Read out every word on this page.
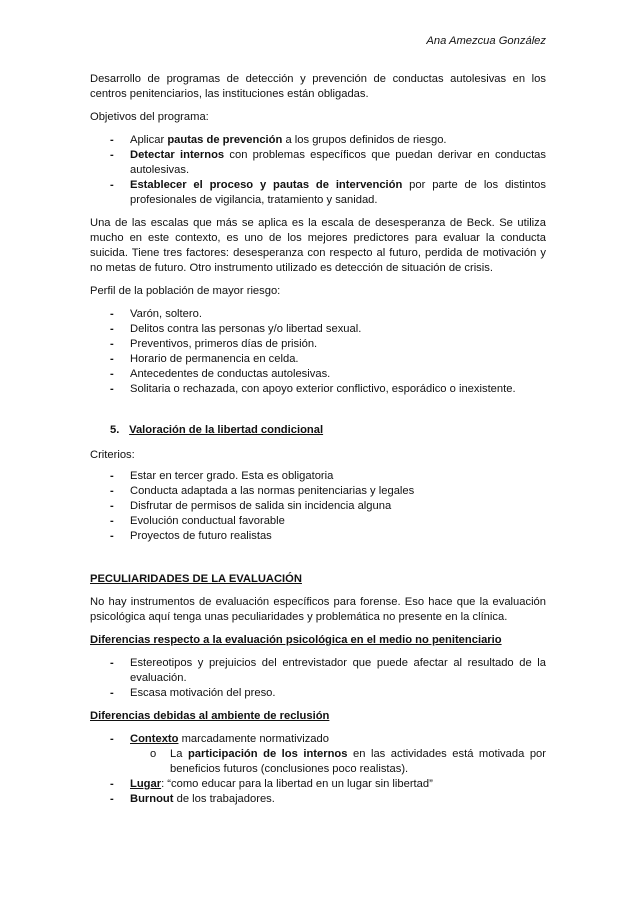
Ana Amezcua González

Desarrollo de programas de detección y prevención de conductas autolesivas en los centros penitenciarios, las instituciones están obligadas.

Objetivos del programa:

- Aplicar pautas de prevención a los grupos definidos de riesgo.
- Detectar internos con problemas específicos que puedan derivar en conductas autolesivas.
- Establecer el proceso y pautas de intervención por parte de los distintos profesionales de vigilancia, tratamiento y sanidad.

Una de las escalas que más se aplica es la escala de desesperanza de Beck. Se utiliza mucho en este contexto, es uno de los mejores predictores para evaluar la conducta suicida. Tiene tres factores: desesperanza con respecto al futuro, perdida de motivación y no metas de futuro. Otro instrumento utilizado es detección de situación de crisis.

Perfil de la población de mayor riesgo:

- Varón, soltero.
- Delitos contra las personas y/o libertad sexual.
- Preventivos, primeros días de prisión.
- Horario de permanencia en celda.
- Antecedentes de conductas autolesivas.
- Solitaria o rechazada, con apoyo exterior conflictivo, esporádico o inexistente.
5. Valoración de la libertad condicional

Criterios:

- Estar en tercer grado. Esta es obligatoria
- Conducta adaptada a las normas penitenciarias y legales
- Disfrutar de permisos de salida sin incidencia alguna
- Evolución conductual favorable
- Proyectos de futuro realistas
PECULIARIDADES DE LA EVALUACIÓN

No hay instrumentos de evaluación específicos para forense. Eso hace que la evaluación psicológica aquí tenga unas peculiaridades y problemática no presente en la clínica.

Diferencias respecto a la evaluación psicológica en el medio no penitenciario
- Estereotipos y prejuicios del entrevistador que puede afectar al resultado de la evaluación.
- Escasa motivación del preso.
Diferencias debidas al ambiente de reclusión
- Contexto marcadamente normativizado
o La participación de los internos en las actividades está motivada por beneficios futuros (conclusiones poco realistas).
- Lugar: “como educar para la libertad en un lugar sin libertad”
- Burnout de los trabajadores.
